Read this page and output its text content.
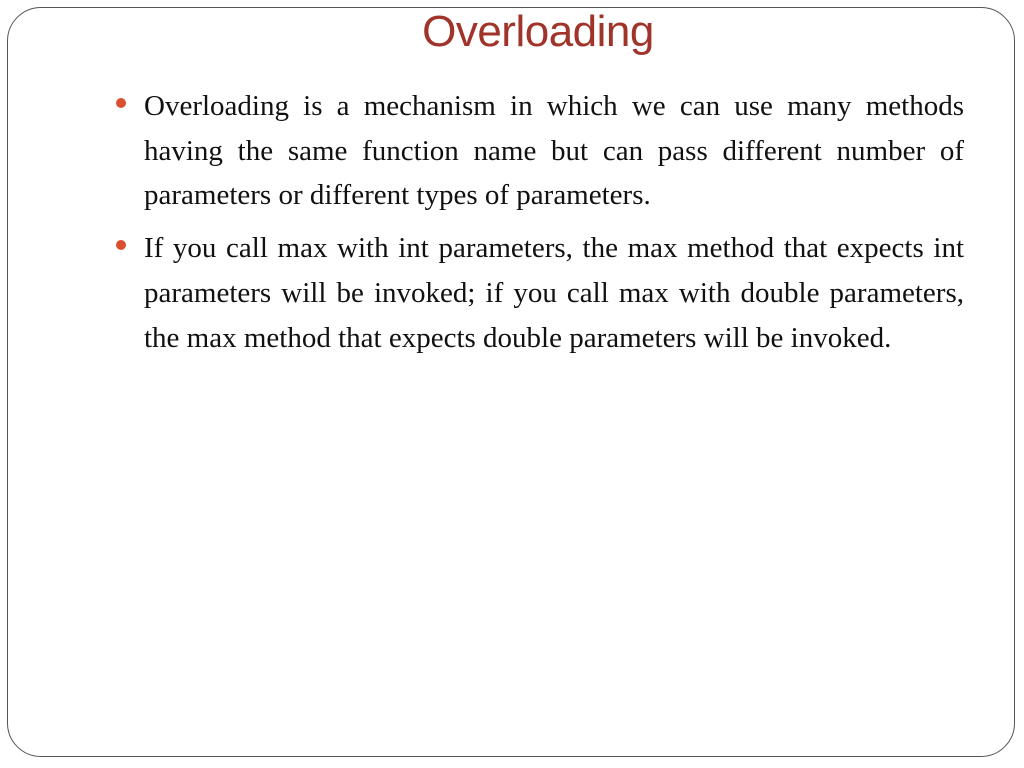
Overloading
Overloading is a mechanism in which we can use many methods having the same function name but can pass different number of parameters or different types of parameters.
If you call max with int parameters, the max method that expects int parameters will be invoked; if you call max with double parameters, the max method that expects double parameters will be invoked.
